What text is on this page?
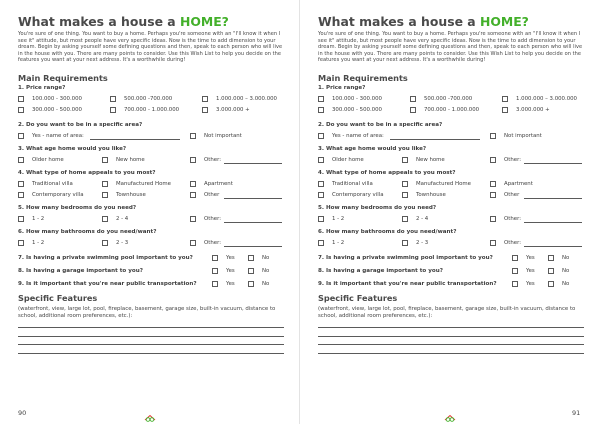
What makes a house a HOME?

You're sure of one thing. You want to buy a home. Perhaps you're someone with an "I'll know it when I see it" attitude, but most people have very specific ideas. Now is the time to add dimension to your dream. Begin by asking yourself some defining questions and then, speak to each person who will live in the house with you. There are many points to consider. Use this Wish List to help you decide on the features you want at your next address. It's a worthwhile during!

Main Requirements
1. Price range?
100.000 - 300.000	500.000 -700.000	1.000.000 – 3.000.000
300.000 - 500.000	700.000 - 1.000.000	3.000.000 +
2. Do you want to be in a specific area?
Yes - name of area:	Not important
3. What age home would you like?
Older home	New home	Other:
4. What type of home appeals to you most?
Traditional villa	Manufactured Home	Apartment
Contemporary villa	Townhouse	Other
5. How many bedrooms do you need?
1 - 2	2 - 4	Other:
6. How many bathrooms do you need/want?
1 - 2	2 - 3	Other:
7. Is having a private swimming pool important to you?	Yes	No
8. Is having a garage important to you?	Yes	No
9. Is it important that you're near public transportation?	Yes	No
Specific Features

(waterfront, view, large lot, pool, fireplace, basement, garage size, built-in vacuum, distance to school, additional room preferences, etc.):

90
What makes a house a HOME?

You're sure of one thing. You want to buy a home. Perhaps you're someone with an "I'll know it when I see it" attitude, but most people have very specific ideas. Now is the time to add dimension to your dream. Begin by asking yourself some defining questions and then, speak to each person who will live in the house with you. There are many points to consider. Use this Wish List to help you decide on the features you want at your next address. It's a worthwhile during!

Main Requirements
1. Price range?
100.000 - 300.000	500.000 -700.000	1.000.000 – 3.000.000
300.000 - 500.000	700.000 - 1.000.000	3.000.000 +
2. Do you want to be in a specific area?
Yes - name of area:	Not important
3. What age home would you like?
Older home	New home	Other:
4. What type of home appeals to you most?
Traditional villa	Manufactured Home	Apartment
Contemporary villa	Townhouse	Other
5. How many bedrooms do you need?
1 - 2	2 - 4	Other:
6. How many bathrooms do you need/want?
1 - 2	2 - 3	Other:
7. Is having a private swimming pool important to you?	Yes	No
8. Is having a garage important to you?	Yes	No
9. Is it important that you're near public transportation?	Yes	No
Specific Features

(waterfront, view, large lot, pool, fireplace, basement, garage size, built-in vacuum, distance to school, additional room preferences, etc.):

91
